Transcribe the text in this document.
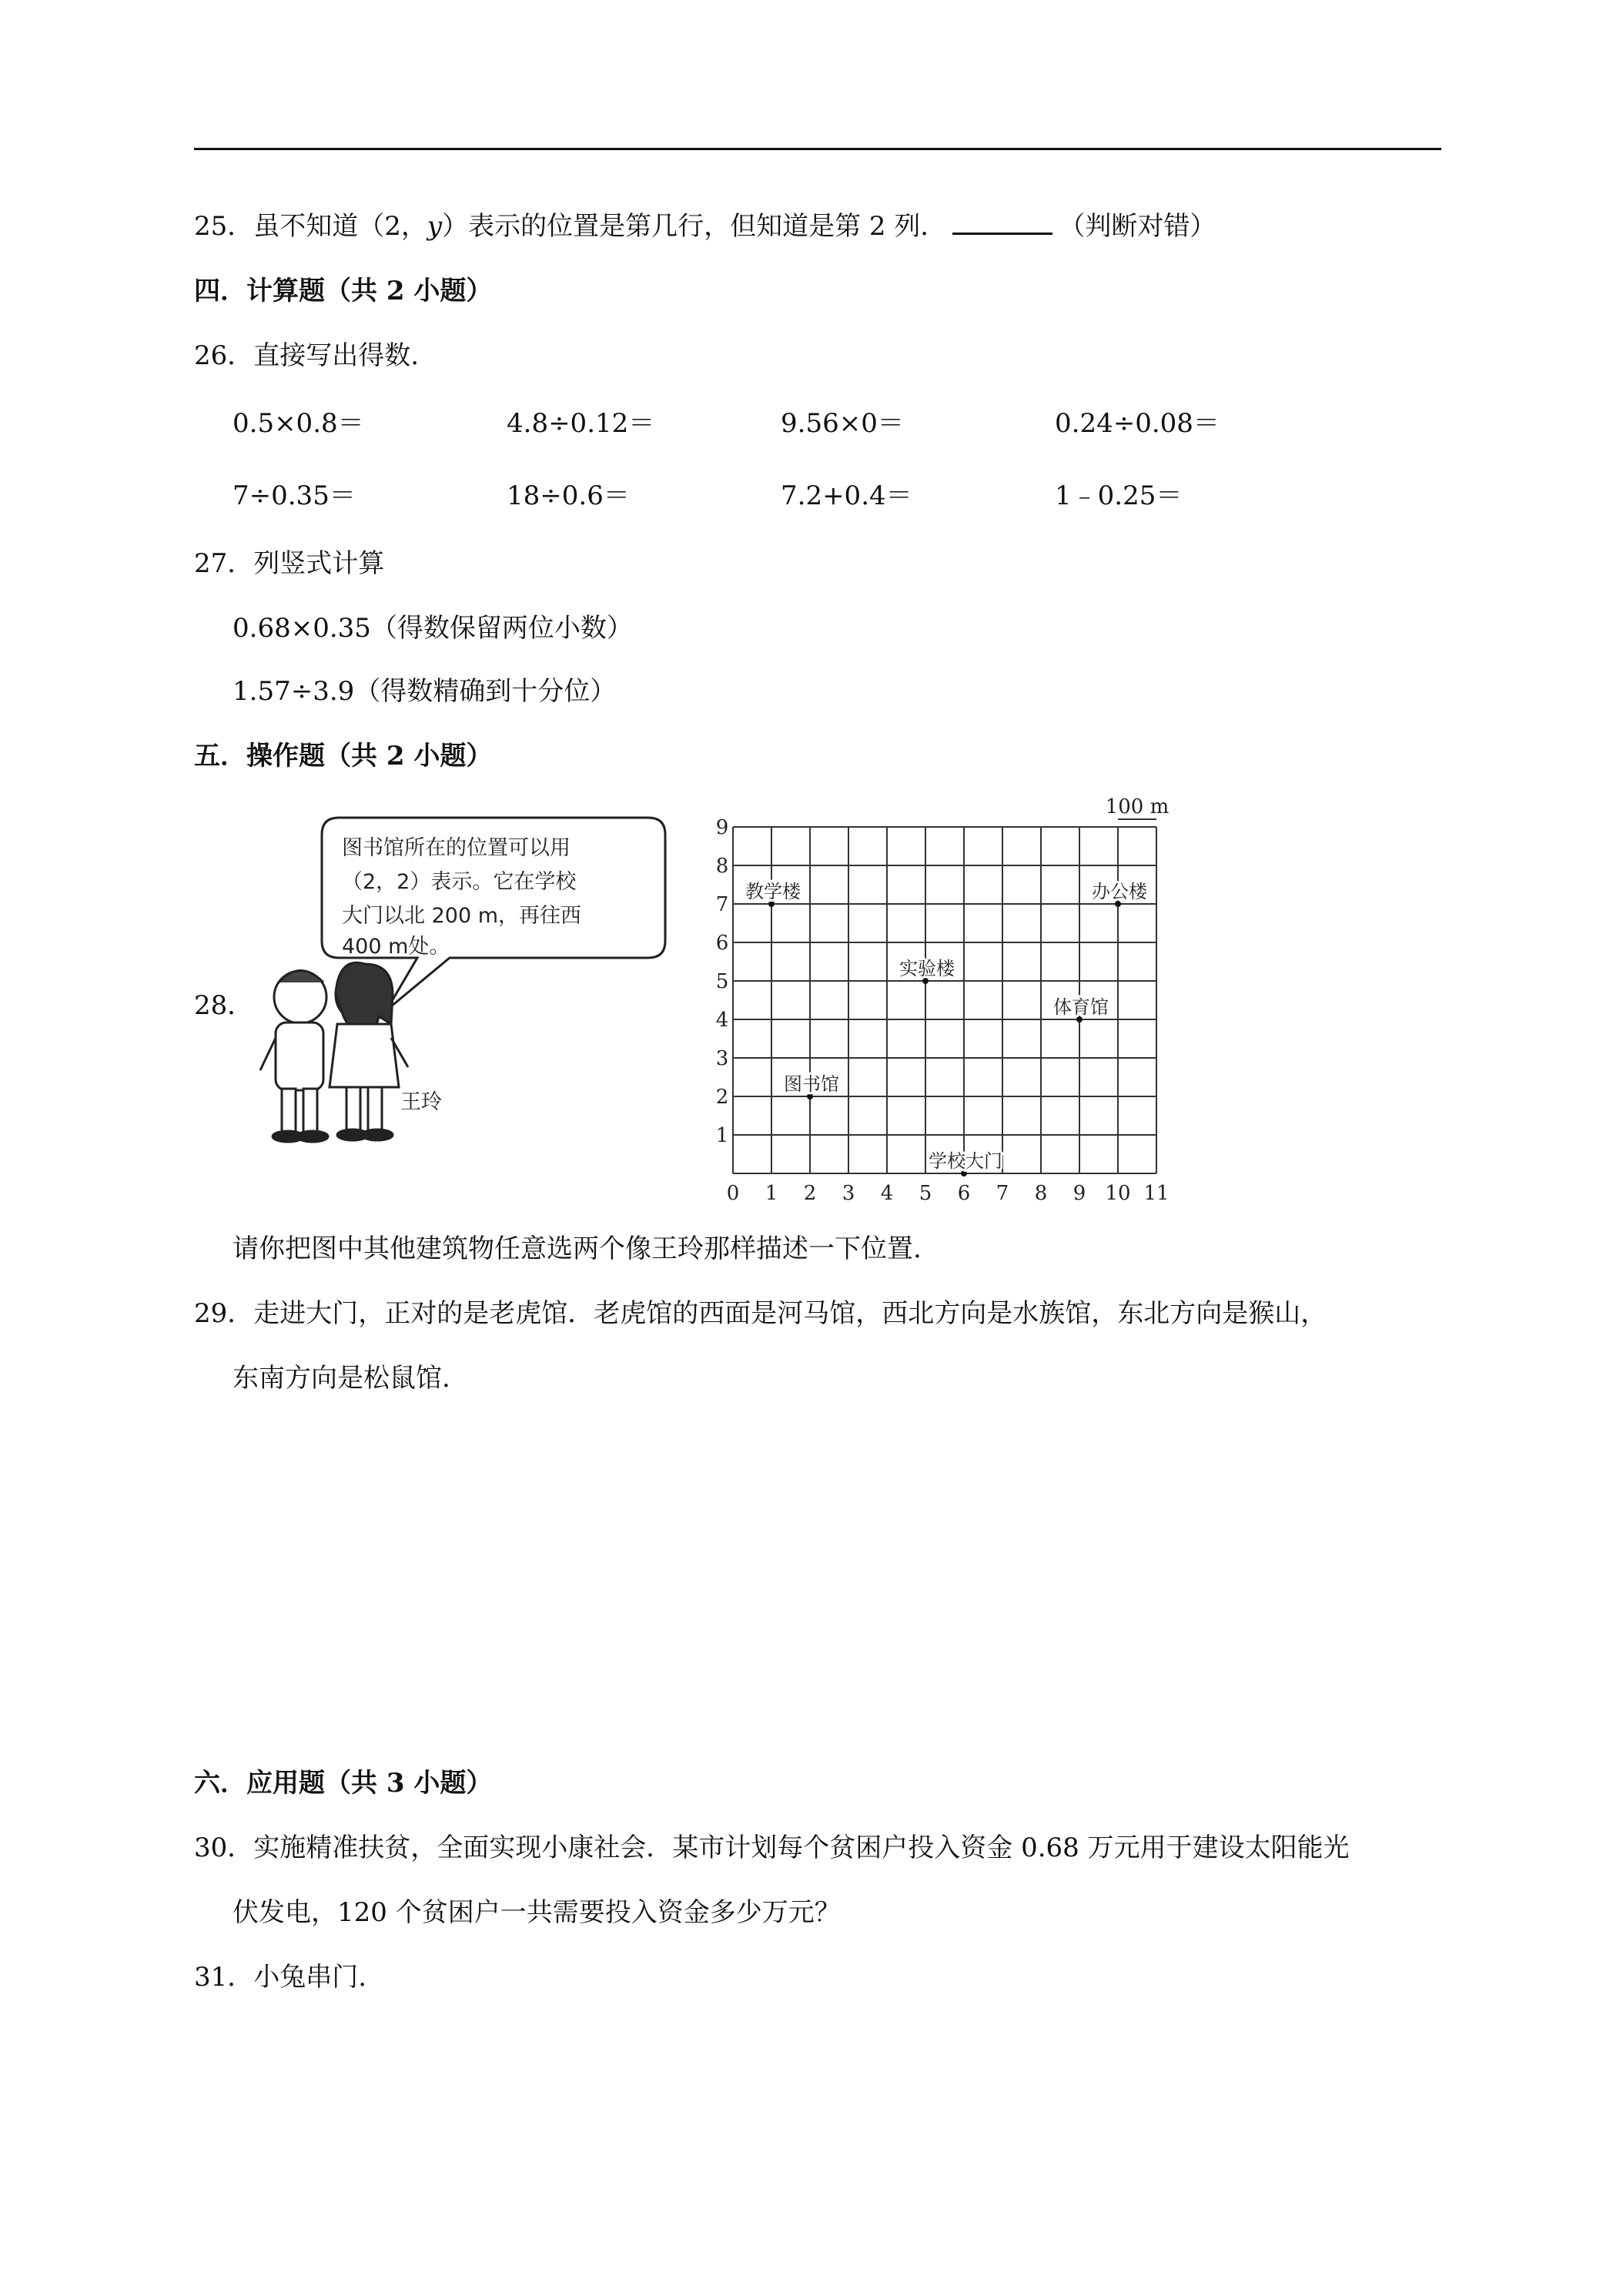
25．虽不知道（2，y）表示的位置是第几行，但知道是第 2 列．	（判断对错）
四．计算题（共 2 小题）
26．直接写出得数.
0.5×0.8＝	4.8÷0.12＝	9.56×0＝	0.24÷0.08＝
7÷0.35＝	18÷0.6＝	7.2+0.4＝	1﹣0.25＝
27．列竖式计算
0.68×0.35（得数保留两位小数）
1.57÷3.9（得数精确到十分位）
五．操作题（共 2 小题）
28．
图书馆所在的位置可以用
（2，2）表示。它在学校
大门以北 200 m，再往西
400 m处。
王玲
0 1 2 3 4 5 6 7 8 9 10 11
1
2
3
4
5
6
7
8
9
100 m
教学楼	办公楼
实验楼
体育馆
图书馆
学校大门
请你把图中其他建筑物任意选两个像王玲那样描述一下位置.
29．走进大门，正对的是老虎馆．老虎馆的西面是河马馆，西北方向是水族馆，东北方向是猴山，
东南方向是松鼠馆.
六．应用题（共 3 小题）
30．实施精准扶贫，全面实现小康社会．某市计划每个贫困户投入资金 0.68 万元用于建设太阳能光
伏发电，120 个贫困户一共需要投入资金多少万元？
31．小兔串门.
